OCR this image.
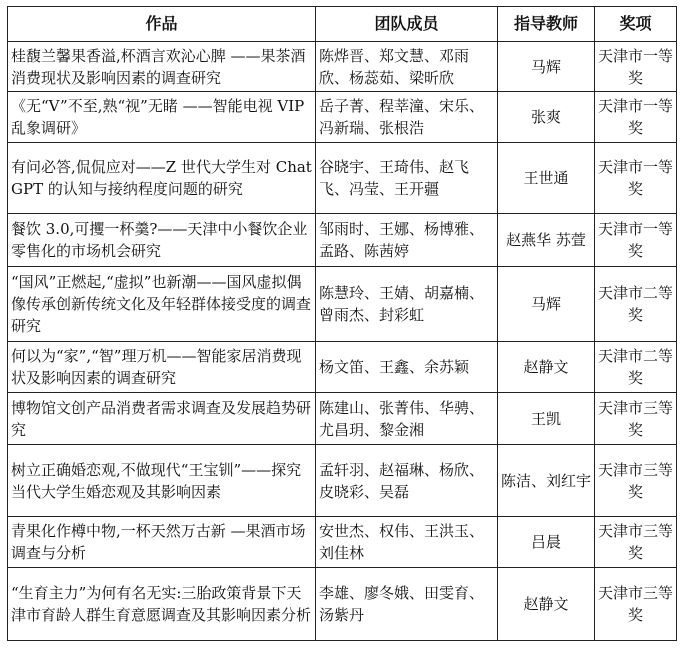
作品	团队成员	指导教师	奖项
桂馥兰馨果香溢,杯酒言欢沁心脾 ——果茶酒消费现状及影响因素的调查研究	陈烨晋、郑文慧、邓雨欣、杨蕊茹、梁昕欣	马辉	天津市一等奖
《无“V”不至,熟“视”无睹 ——智能电视 VIP 乱象调研》	岳子菁、程莘潼、宋乐、冯新瑞、张根浩	张爽	天津市一等奖
有问必答,侃侃应对——Z 世代大学生对 ChatGPT 的认知与接纳程度问题的研究	谷晓宇、王琦伟、赵飞飞、冯莹、王开疆	王世通	天津市一等奖
餐饮 3.0,可攫一杯羹?——天津中小餐饮企业零售化的市场机会研究	邹雨时、王娜、杨博雅、孟路、陈茜婷	赵燕华 苏萱	天津市一等奖
“国风”正燃起,“虚拟”也新潮——国风虚拟偶像传承创新传统文化及年轻群体接受度的调查研究	陈慧玲、王婧、胡嘉楠、曾雨杰、封彩虹	马辉	天津市二等奖
何以为“家”,“智”理万机——智能家居消费现状及影响因素的调查研究	杨文笛、王鑫、余苏颖	赵静文	天津市二等奖
博物馆文创产品消费者需求调查及发展趋势研究	陈建山、张菁伟、华骋、尤昌玥、黎金湘	王凯	天津市三等奖
树立正确婚恋观,不做现代“王宝钏”——探究当代大学生婚恋观及其影响因素	孟轩羽、赵福琳、杨欣、皮晓彩、吴磊	陈洁、刘红宇	天津市三等奖
青果化作樽中物,一杯天然万古新 —果酒市场调查与分析	安世杰、权伟、王洪玉、刘佳林	吕晨	天津市三等奖
“生育主力”为何有名无实:三胎政策背景下天津市育龄人群生育意愿调查及其影响因素分析	李雄、廖冬娥、田雯育、汤紫丹	赵静文	天津市三等奖
